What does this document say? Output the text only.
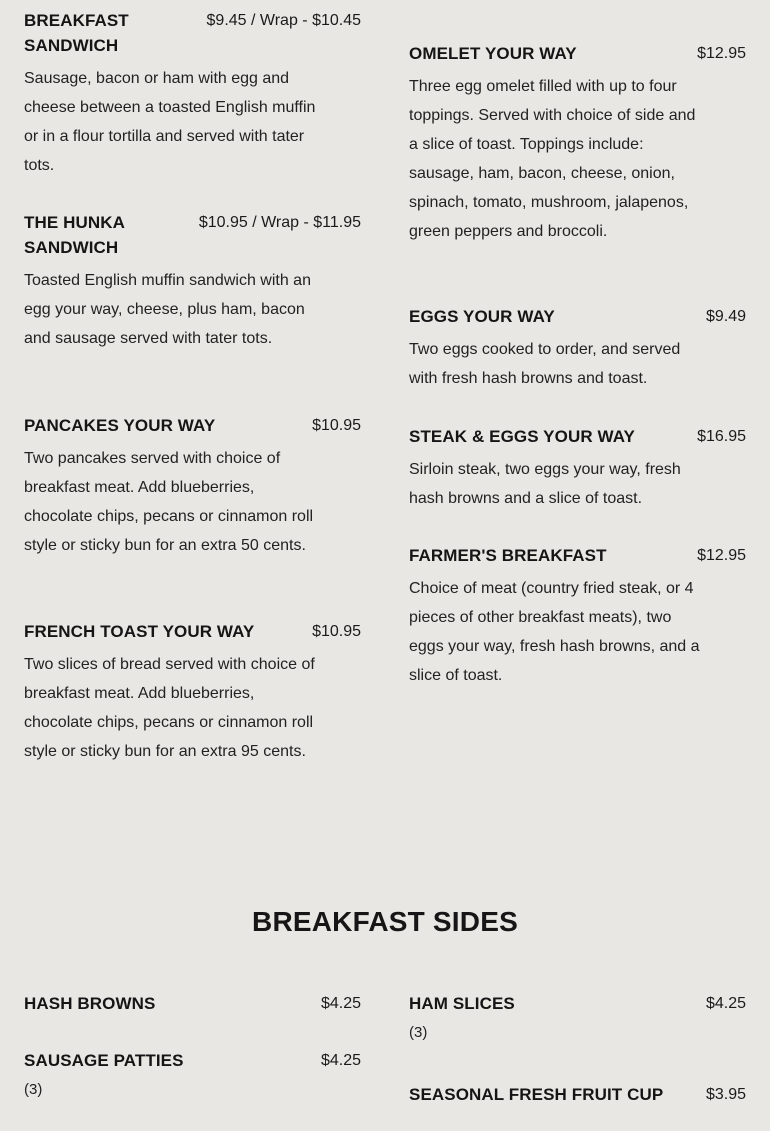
BREAKFAST SANDWICH
$9.45 / Wrap - $10.45
Sausage, bacon or ham with egg and cheese between a toasted English muffin or in a flour tortilla and served with tater tots.
THE HUNKA SANDWICH
$10.95 / Wrap - $11.95
Toasted English muffin sandwich with an egg your way, cheese, plus ham, bacon and sausage served with tater tots.
PANCAKES YOUR WAY	$10.95
Two pancakes served with choice of breakfast meat. Add blueberries, chocolate chips, pecans or cinnamon roll style or sticky bun for an extra 50 cents.
FRENCH TOAST YOUR WAY	$10.95
Two slices of bread served with choice of breakfast meat. Add blueberries, chocolate chips, pecans or cinnamon roll style or sticky bun for an extra 95 cents.
OMELET YOUR WAY	$12.95
Three egg omelet filled with up to four toppings. Served with choice of side and a slice of toast. Toppings include: sausage, ham, bacon, cheese, onion, spinach, tomato, mushroom, jalapenos, green peppers and broccoli.
EGGS YOUR WAY	$9.49
Two eggs cooked to order, and served with fresh hash browns and toast.
STEAK & EGGS YOUR WAY	$16.95
Sirloin steak, two eggs your way, fresh hash browns and a slice of toast.
FARMER'S BREAKFAST	$12.95
Choice of meat (country fried steak, or 4 pieces of other breakfast meats), two eggs your way, fresh hash browns, and a slice of toast.
BREAKFAST SIDES
HASH BROWNS	$4.25
SAUSAGE PATTIES	$4.25
(3)
HAM SLICES	$4.25
(3)
SEASONAL FRESH FRUIT CUP	$3.95
